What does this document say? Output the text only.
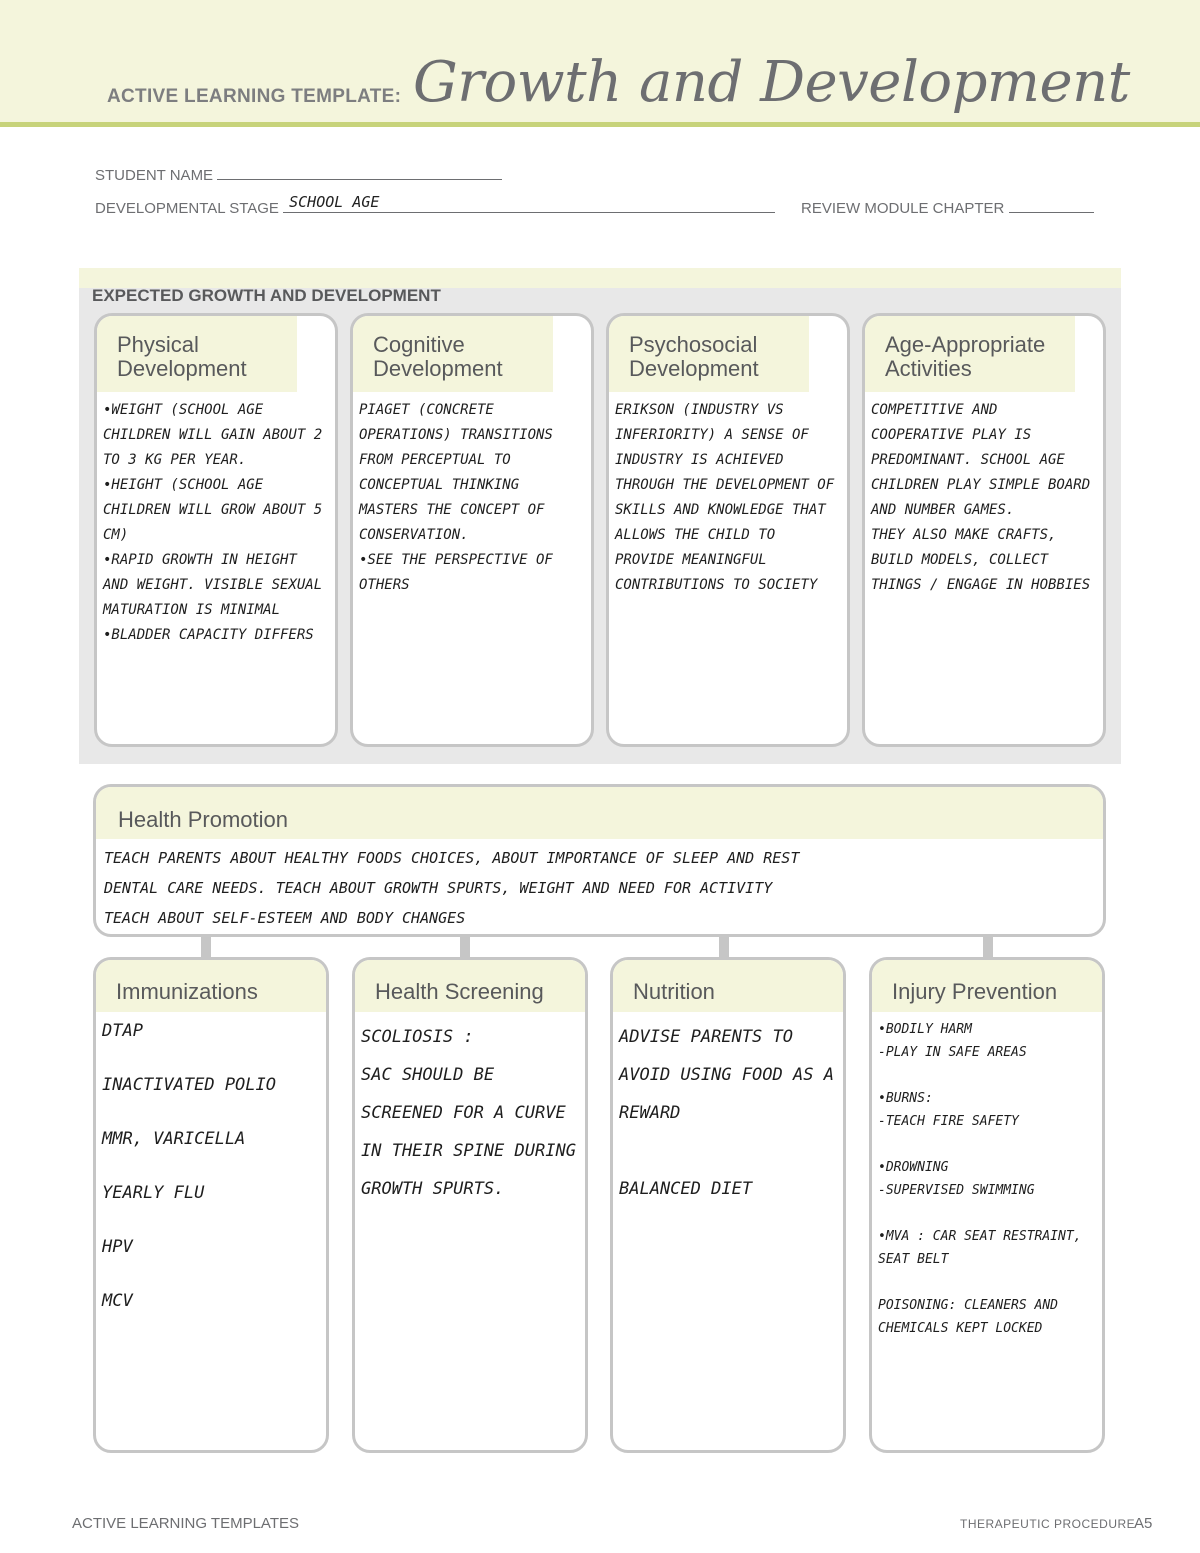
ACTIVE LEARNING TEMPLATE: Growth and Development
STUDENT NAME
DEVELOPMENTAL STAGE SCHOOL AGE	REVIEW MODULE CHAPTER
EXPECTED GROWTH AND DEVELOPMENT
Physical Development
•WEIGHT (SCHOOL AGE CHILDREN WILL GAIN ABOUT 2 TO 3 KG PER YEAR.
•HEIGHT (SCHOOL AGE CHILDREN WILL GROW ABOUT 5 CM)
•RAPID GROWTH IN HEIGHT AND WEIGHT. VISIBLE SEXUAL MATURATION IS MINIMAL
•BLADDER CAPACITY DIFFERS
Cognitive Development
PIAGET (CONCRETE OPERATIONS) TRANSITIONS FROM PERCEPTUAL TO CONCEPTUAL THINKING MASTERS THE CONCEPT OF CONSERVATION.
•SEE THE PERSPECTIVE OF OTHERS
Psychosocial Development
ERIKSON (INDUSTRY VS INFERIORITY) A SENSE OF INDUSTRY IS ACHIEVED THROUGH THE DEVELOPMENT OF SKILLS AND KNOWLEDGE THAT ALLOWS THE CHILD TO PROVIDE MEANINGFUL CONTRIBUTIONS TO SOCIETY
Age-Appropriate Activities
COMPETITIVE AND COOPERATIVE PLAY IS PREDOMINANT. SCHOOL AGE CHILDREN PLAY SIMPLE BOARD AND NUMBER GAMES.
THEY ALSO MAKE CRAFTS, BUILD MODELS, COLLECT THINGS / ENGAGE IN HOBBIES
Health Promotion
TEACH PARENTS ABOUT HEALTHY FOODS CHOICES, ABOUT IMPORTANCE OF SLEEP AND REST
DENTAL CARE NEEDS. TEACH ABOUT GROWTH SPURTS, WEIGHT AND NEED FOR ACTIVITY
TEACH ABOUT SELF-ESTEEM AND BODY CHANGES
Immunizations
DTAP

INACTIVATED POLIO

MMR, VARICELLA

YEARLY FLU

HPV

MCV
Health Screening
SCOLIOSIS :
SAC SHOULD BE SCREENED FOR A CURVE IN THEIR SPINE DURING GROWTH SPURTS.
Nutrition
ADVISE PARENTS TO AVOID USING FOOD AS A REWARD

BALANCED DIET
Injury Prevention
•BODILY HARM
-PLAY IN SAFE AREAS

•BURNS:
-TEACH FIRE SAFETY

•DROWNING
-SUPERVISED SWIMMING

•MVA : CAR SEAT RESTRAINT, SEAT BELT

POISONING: CLEANERS AND CHEMICALS KEPT LOCKED
ACTIVE LEARNING TEMPLATES	THERAPEUTIC PROCEDURE
A5
